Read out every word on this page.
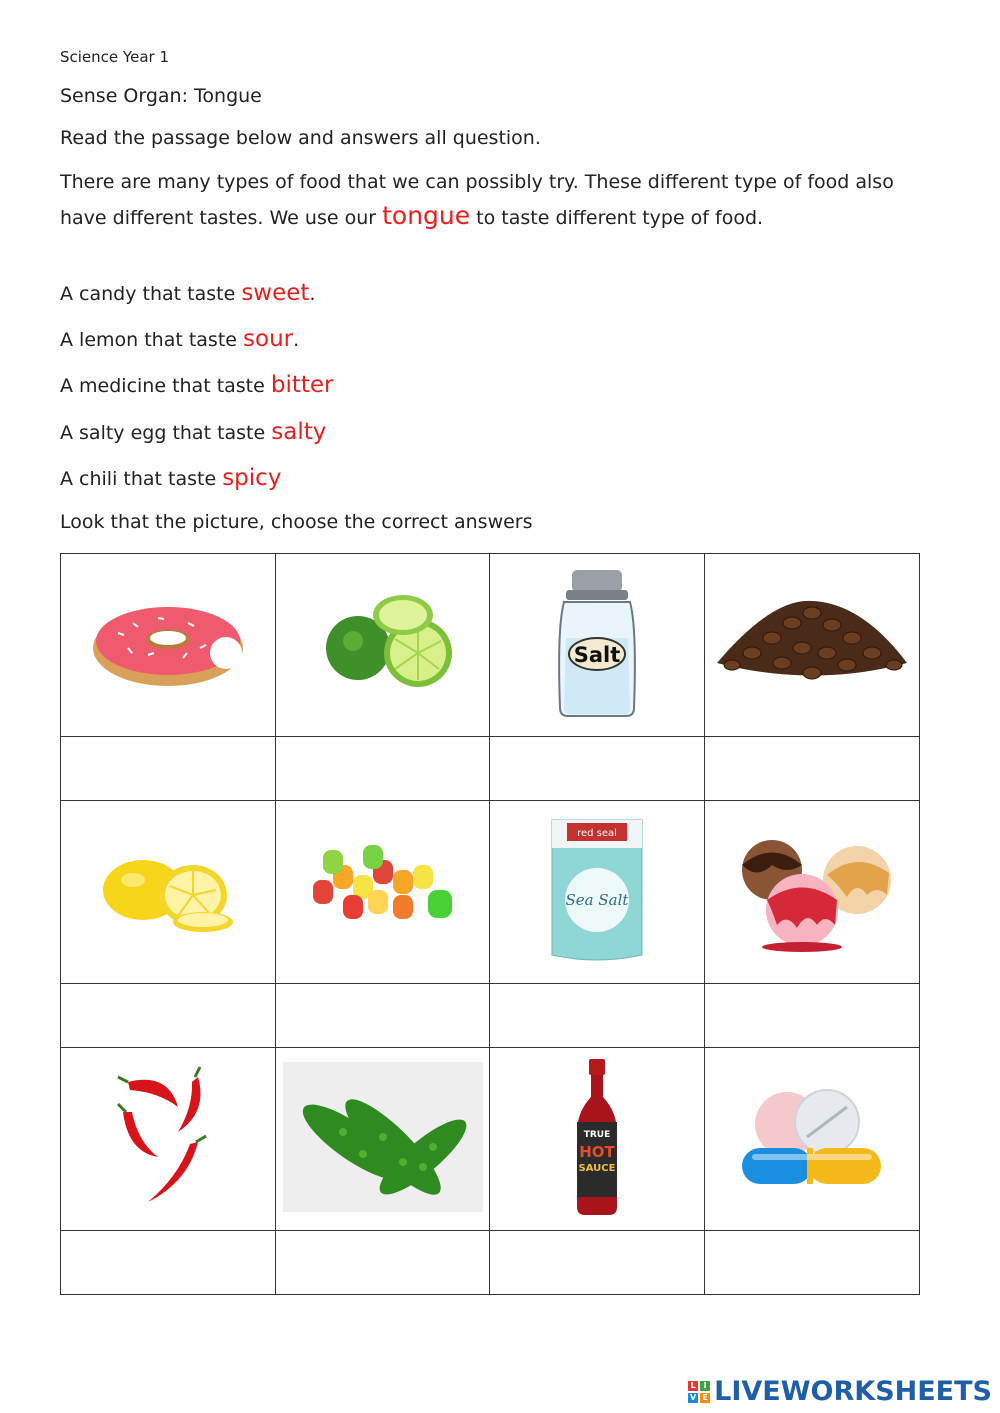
Science Year 1
Sense Organ: Tongue
Read the passage below and answers all question.
There are many types of food that we can possibly try. These different type of food also have different tastes. We use our tongue to taste different type of food.
A candy that taste sweet.
A lemon that taste sour.
A medicine that taste bitter
A salty egg that taste salty
A chili that taste spicy
Look that the picture, choose the correct answers

Salt

red seal
Sea Salt

TRUE
HOT
SAUCE

L I
V E LIVEWORKSHEETS
